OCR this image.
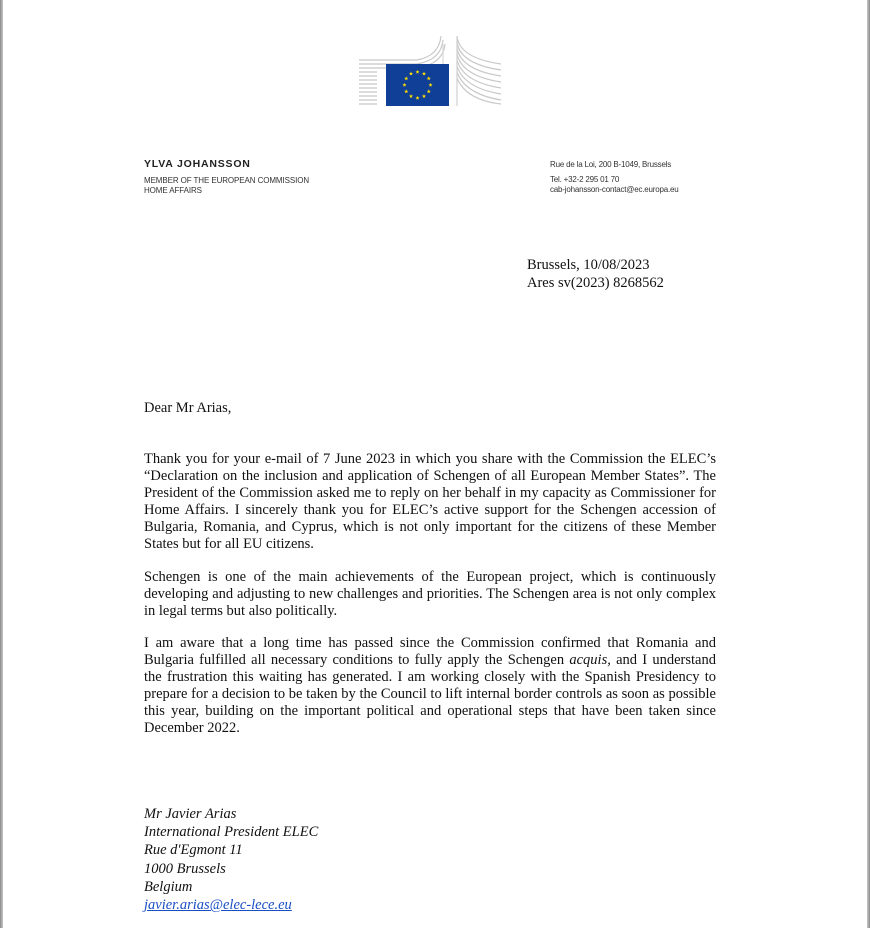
YLVA JOHANSSON
MEMBER OF THE EUROPEAN COMMISSION
HOME AFFAIRS
Rue de la Loi, 200 B-1049, Brussels
Tel. +32-2 295 01 70
cab-johansson-contact@ec.europa.eu
Brussels, 10/08/2023
Ares sv(2023) 8268562
Dear Mr Arias,

Thank you for your e-mail of 7 June 2023 in which you share with the Commission the ELEC’s “Declaration on the inclusion and application of Schengen of all European Member States”. The President of the Commission asked me to reply on her behalf in my capacity as Commissioner for Home Affairs. I sincerely thank you for ELEC’s active support for the Schengen accession of Bulgaria, Romania, and Cyprus, which is not only important for the citizens of these Member States but for all EU citizens.

Schengen is one of the main achievements of the European project, which is continuously developing and adjusting to new challenges and priorities. The Schengen area is not only complex in legal terms but also politically.

I am aware that a long time has passed since the Commission confirmed that Romania and Bulgaria fulfilled all necessary conditions to fully apply the Schengen acquis, and I understand the frustration this waiting has generated. I am working closely with the Spanish Presidency to prepare for a decision to be taken by the Council to lift internal border controls as soon as possible this year, building on the important political and operational steps that have been taken since December 2022.

Mr Javier Arias
International President ELEC
Rue d'Egmont 11
1000 Brussels
Belgium
javier.arias@elec-lece.eu
